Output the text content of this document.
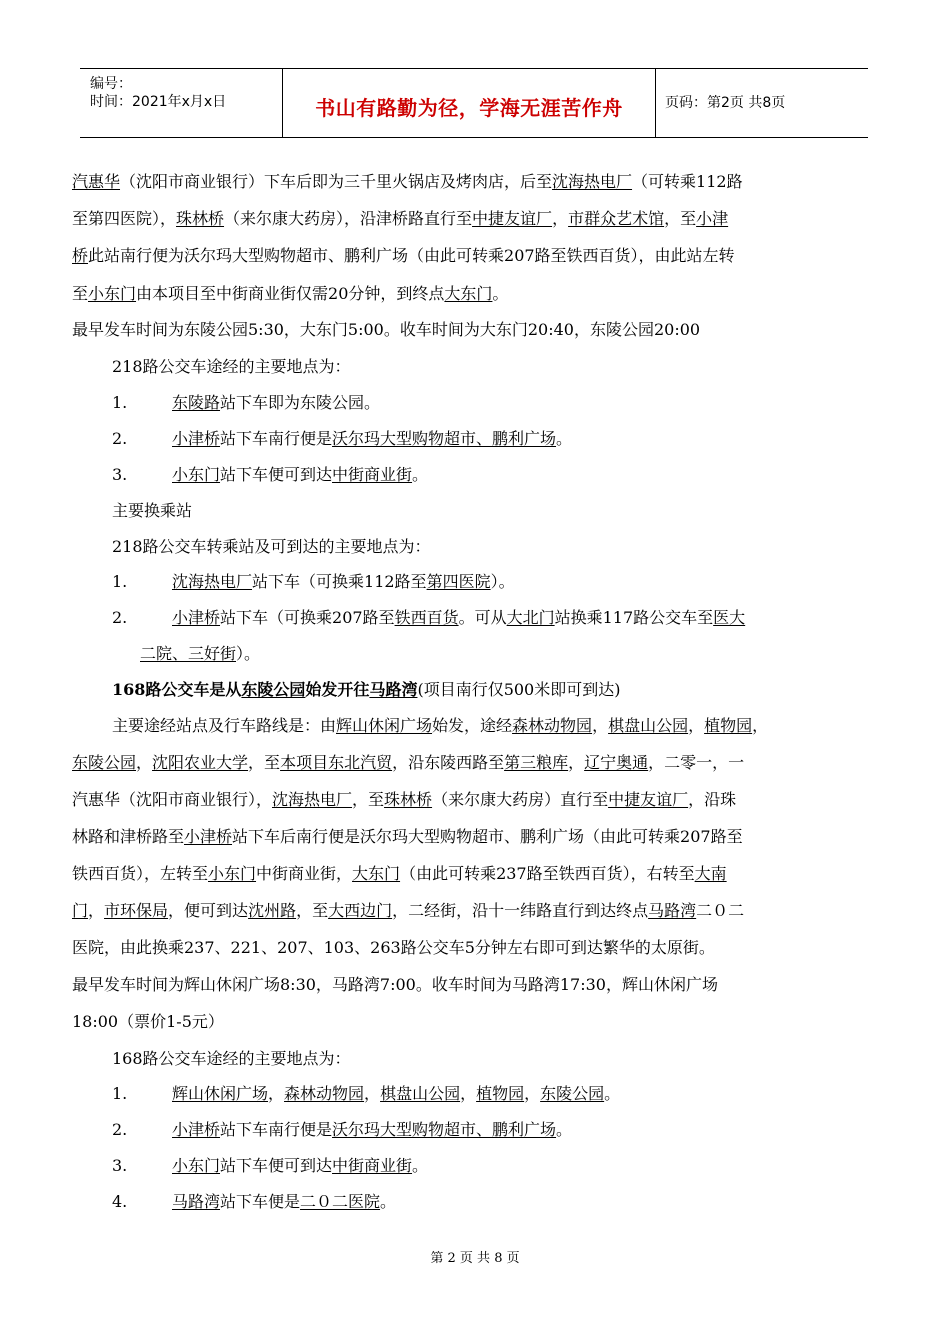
编号：
时间：2021年x月x日	书山有路勤为径，学海无涯苦作舟	页码：第2页 共8页
汽惠华（沈阳市商业银行）下车后即为三千里火锅店及烤肉店，后至沈海热电厂（可转乘112路
至第四医院），珠林桥（来尔康大药房），沿津桥路直行至中捷友谊厂，市群众艺术馆，至小津
桥此站南行便为沃尔玛大型购物超市、鹏利广场（由此可转乘207路至铁西百货），由此站左转
至小东门由本项目至中街商业街仅需20分钟，到终点大东门。
最早发车时间为东陵公园5:30，大东门5:00。收车时间为大东门20:40，东陵公园20:00
218路公交车途经的主要地点为：
1.	东陵路站下车即为东陵公园。
2.	小津桥站下车南行便是沃尔玛大型购物超市、鹏利广场。
3.	小东门站下车便可到达中街商业街。
主要换乘站
218路公交车转乘站及可到达的主要地点为：
1.	沈海热电厂站下车（可换乘112路至第四医院）。
2.	小津桥站下车（可换乘207路至铁西百货。可从大北门站换乘117路公交车至医大
二院、三好街）。
168路公交车是从东陵公园始发开往马路湾(项目南行仅500米即可到达)
主要途经站点及行车路线是：由辉山休闲广场始发，途经森林动物园，棋盘山公园，植物园，
东陵公园，沈阳农业大学，至本项目东北汽贸，沿东陵西路至第三粮库，辽宁奥通，二零一，一
汽惠华（沈阳市商业银行），沈海热电厂，至珠林桥（来尔康大药房）直行至中捷友谊厂，沿珠
林路和津桥路至小津桥站下车后南行便是沃尔玛大型购物超市、鹏利广场（由此可转乘207路至
铁西百货），左转至小东门中街商业街，大东门（由此可转乘237路至铁西百货），右转至大南
门，市环保局，便可到达沈州路，至大西边门，二经街，沿十一纬路直行到达终点马路湾二０二
医院，由此换乘237、221、207、103、263路公交车5分钟左右即可到达繁华的太原街。
最早发车时间为辉山休闲广场8:30，马路湾7:00。收车时间为马路湾17:30，辉山休闲广场
18:00（票价1-5元）
168路公交车途经的主要地点为：
1.	辉山休闲广场，森林动物园，棋盘山公园，植物园，东陵公园。
2.	小津桥站下车南行便是沃尔玛大型购物超市、鹏利广场。
3.	小东门站下车便可到达中街商业街。
4.	马路湾站下车便是二０二医院。
第 2 页 共 8 页
